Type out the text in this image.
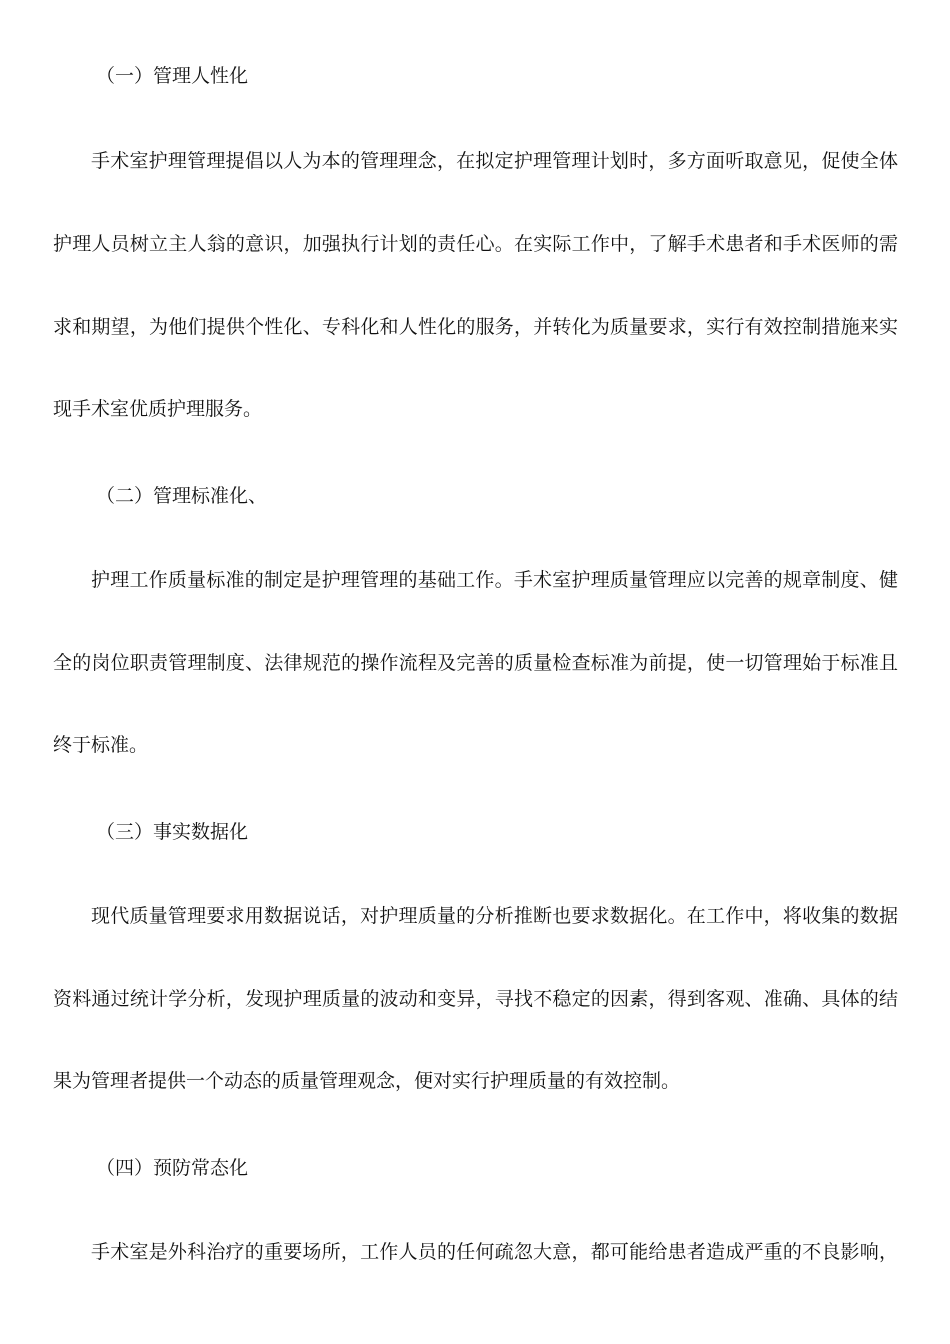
（一）管理人性化
手术室护理管理提倡以人为本的管理理念，在拟定护理管理计划时，多方面听取意见，促使全体
护理人员树立主人翁的意识，加强执行计划的责任心。在实际工作中，了解手术患者和手术医师的需
求和期望，为他们提供个性化、专科化和人性化的服务，并转化为质量要求，实行有效控制措施来实
现手术室优质护理服务。
（二）管理标准化、
护理工作质量标准的制定是护理管理的基础工作。手术室护理质量管理应以完善的规章制度、健
全的岗位职责管理制度、法律规范的操作流程及完善的质量检查标准为前提，使一切管理始于标准且
终于标准。
（三）事实数据化
现代质量管理要求用数据说话，对护理质量的分析推断也要求数据化。在工作中，将收集的数据
资料通过统计学分析，发现护理质量的波动和变异，寻找不稳定的因素，得到客观、准确、具体的结
果为管理者提供一个动态的质量管理观念，便对实行护理质量的有效控制。
（四）预防常态化
手术室是外科治疗的重要场所，工作人员的任何疏忽大意，都可能给患者造成严重的不良影响，
